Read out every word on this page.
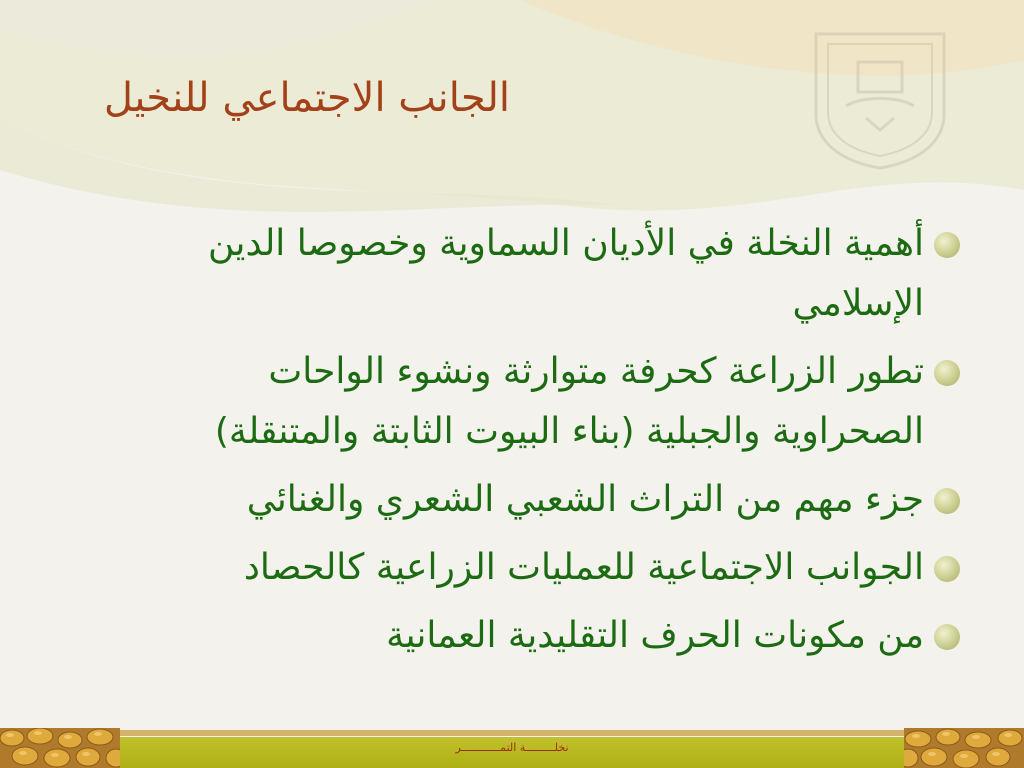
الجانب الاجتماعي للنخيل
أهمية النخلة في الأديان السماوية وخصوصا الدين الإسلامي
تطور الزراعة كحرفة متوارثة ونشوء الواحات الصحراوية والجبلية (بناء البيوت الثابتة والمتنقلة)
جزء مهم من التراث الشعبي الشعري والغنائي
الجوانب الاجتماعية للعمليات الزراعية كالحصاد
من مكونات الحرف التقليدية العمانية
نخلـــــــــة التمــــــــــــر
